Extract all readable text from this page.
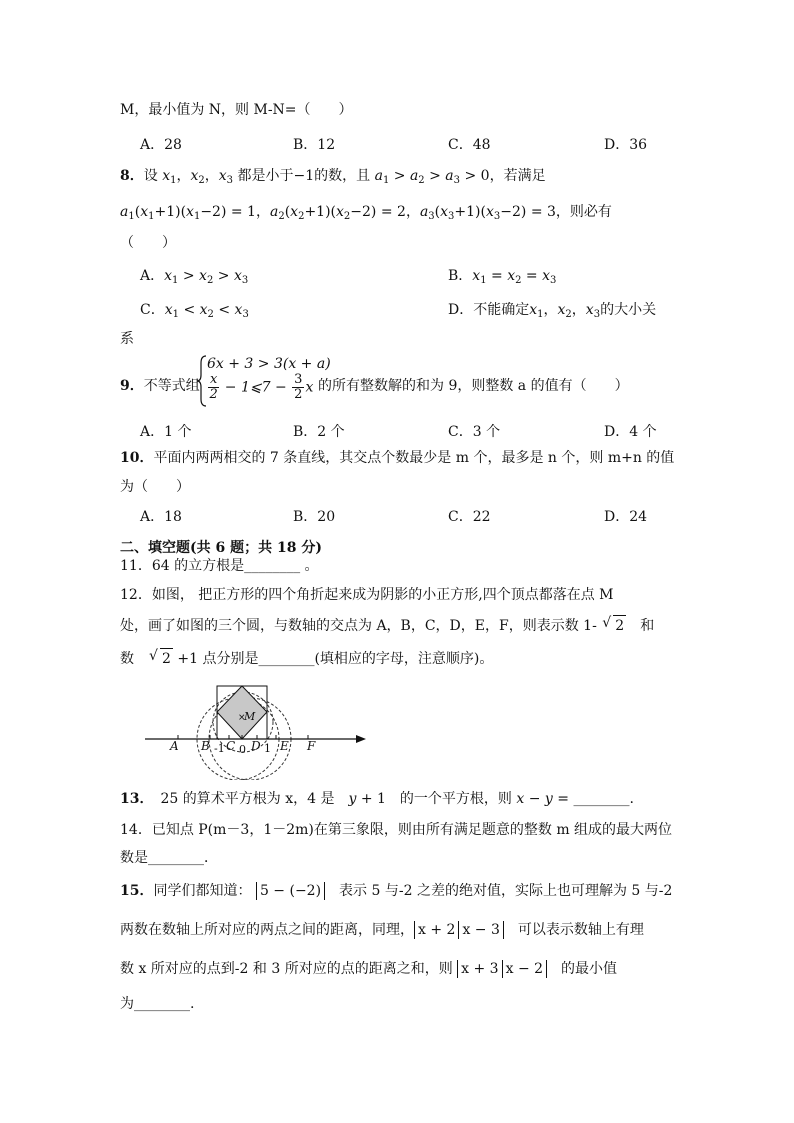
M，最小值为 N，则 M-N=（　　）
A．28	B．12	C．48	D．36
8．设 $x_1$，$x_2$，$x_3$ 都是小于−1的数，且 $a_1 > a_2 > a_3 > 0$，若满足
$a_1(x_1+1)(x_1-2) = 1$，$a_2(x_2+1)(x_2-2) = 2$，$a_3(x_3+1)(x_3-2) = 3$，则必有
（　　）
A．$x_1 > x_2 > x_3$	B．$x_1 = x_2 = x_3$
C．$x_1 < x_2 < x_3$	D．不能确定$x_1$，$x_2$，$x_3$的大小关
系
9．不等式组
6x + 3 > 3(x + a)
$\frac{x}{2}$ − 1⩽7 − $\frac{3}{2}$ x 的所有整数解的和为 9，则整数 a 的值有（　　）
A．1 个	B．2 个	C．3 个	D．4 个
10．平面内两两相交的 7 条直线，其交点个数最少是 m 个，最多是 n 个，则 m+n 的值
为（　　）
A．18	B．20	C．22	D．24
二、填空题(共 6 题；共 18 分)
11．64 的立方根是________ 。
12．如图， 把正方形的四个角折起来成为阴影的小正方形,四个顶点都落在点 M
处，画了如图的三个圆，与数轴的交点为 A，B，C，D，E，F，则表示数 1- √ 2　 和
数　 √ 2 +1 点分别是________(填相应的字母，注意顺序)。
A B -1 C 0 D 1 E F
M
×
13．　 25 的算术平方根为 x，4 是　 y + 1　 的一个平方根，则 x − y = ________.
14．已知点 P(m－3，1－2m)在第三象限，则由所有满足题意的整数 m 组成的最大两位
数是________．
15．同学们都知道： 5 − (−2)　 表示 5 与-2 之差的绝对值，实际上也可理解为 5 与-2
两数在数轴上所对应的两点之间的距离，同理， x + 2 x − 3　 可以表示数轴上有理
数 x 所对应的点到-2 和 3 所对应的点的距离之和，则 x + 3 x − 2　 的最小值
为________.
